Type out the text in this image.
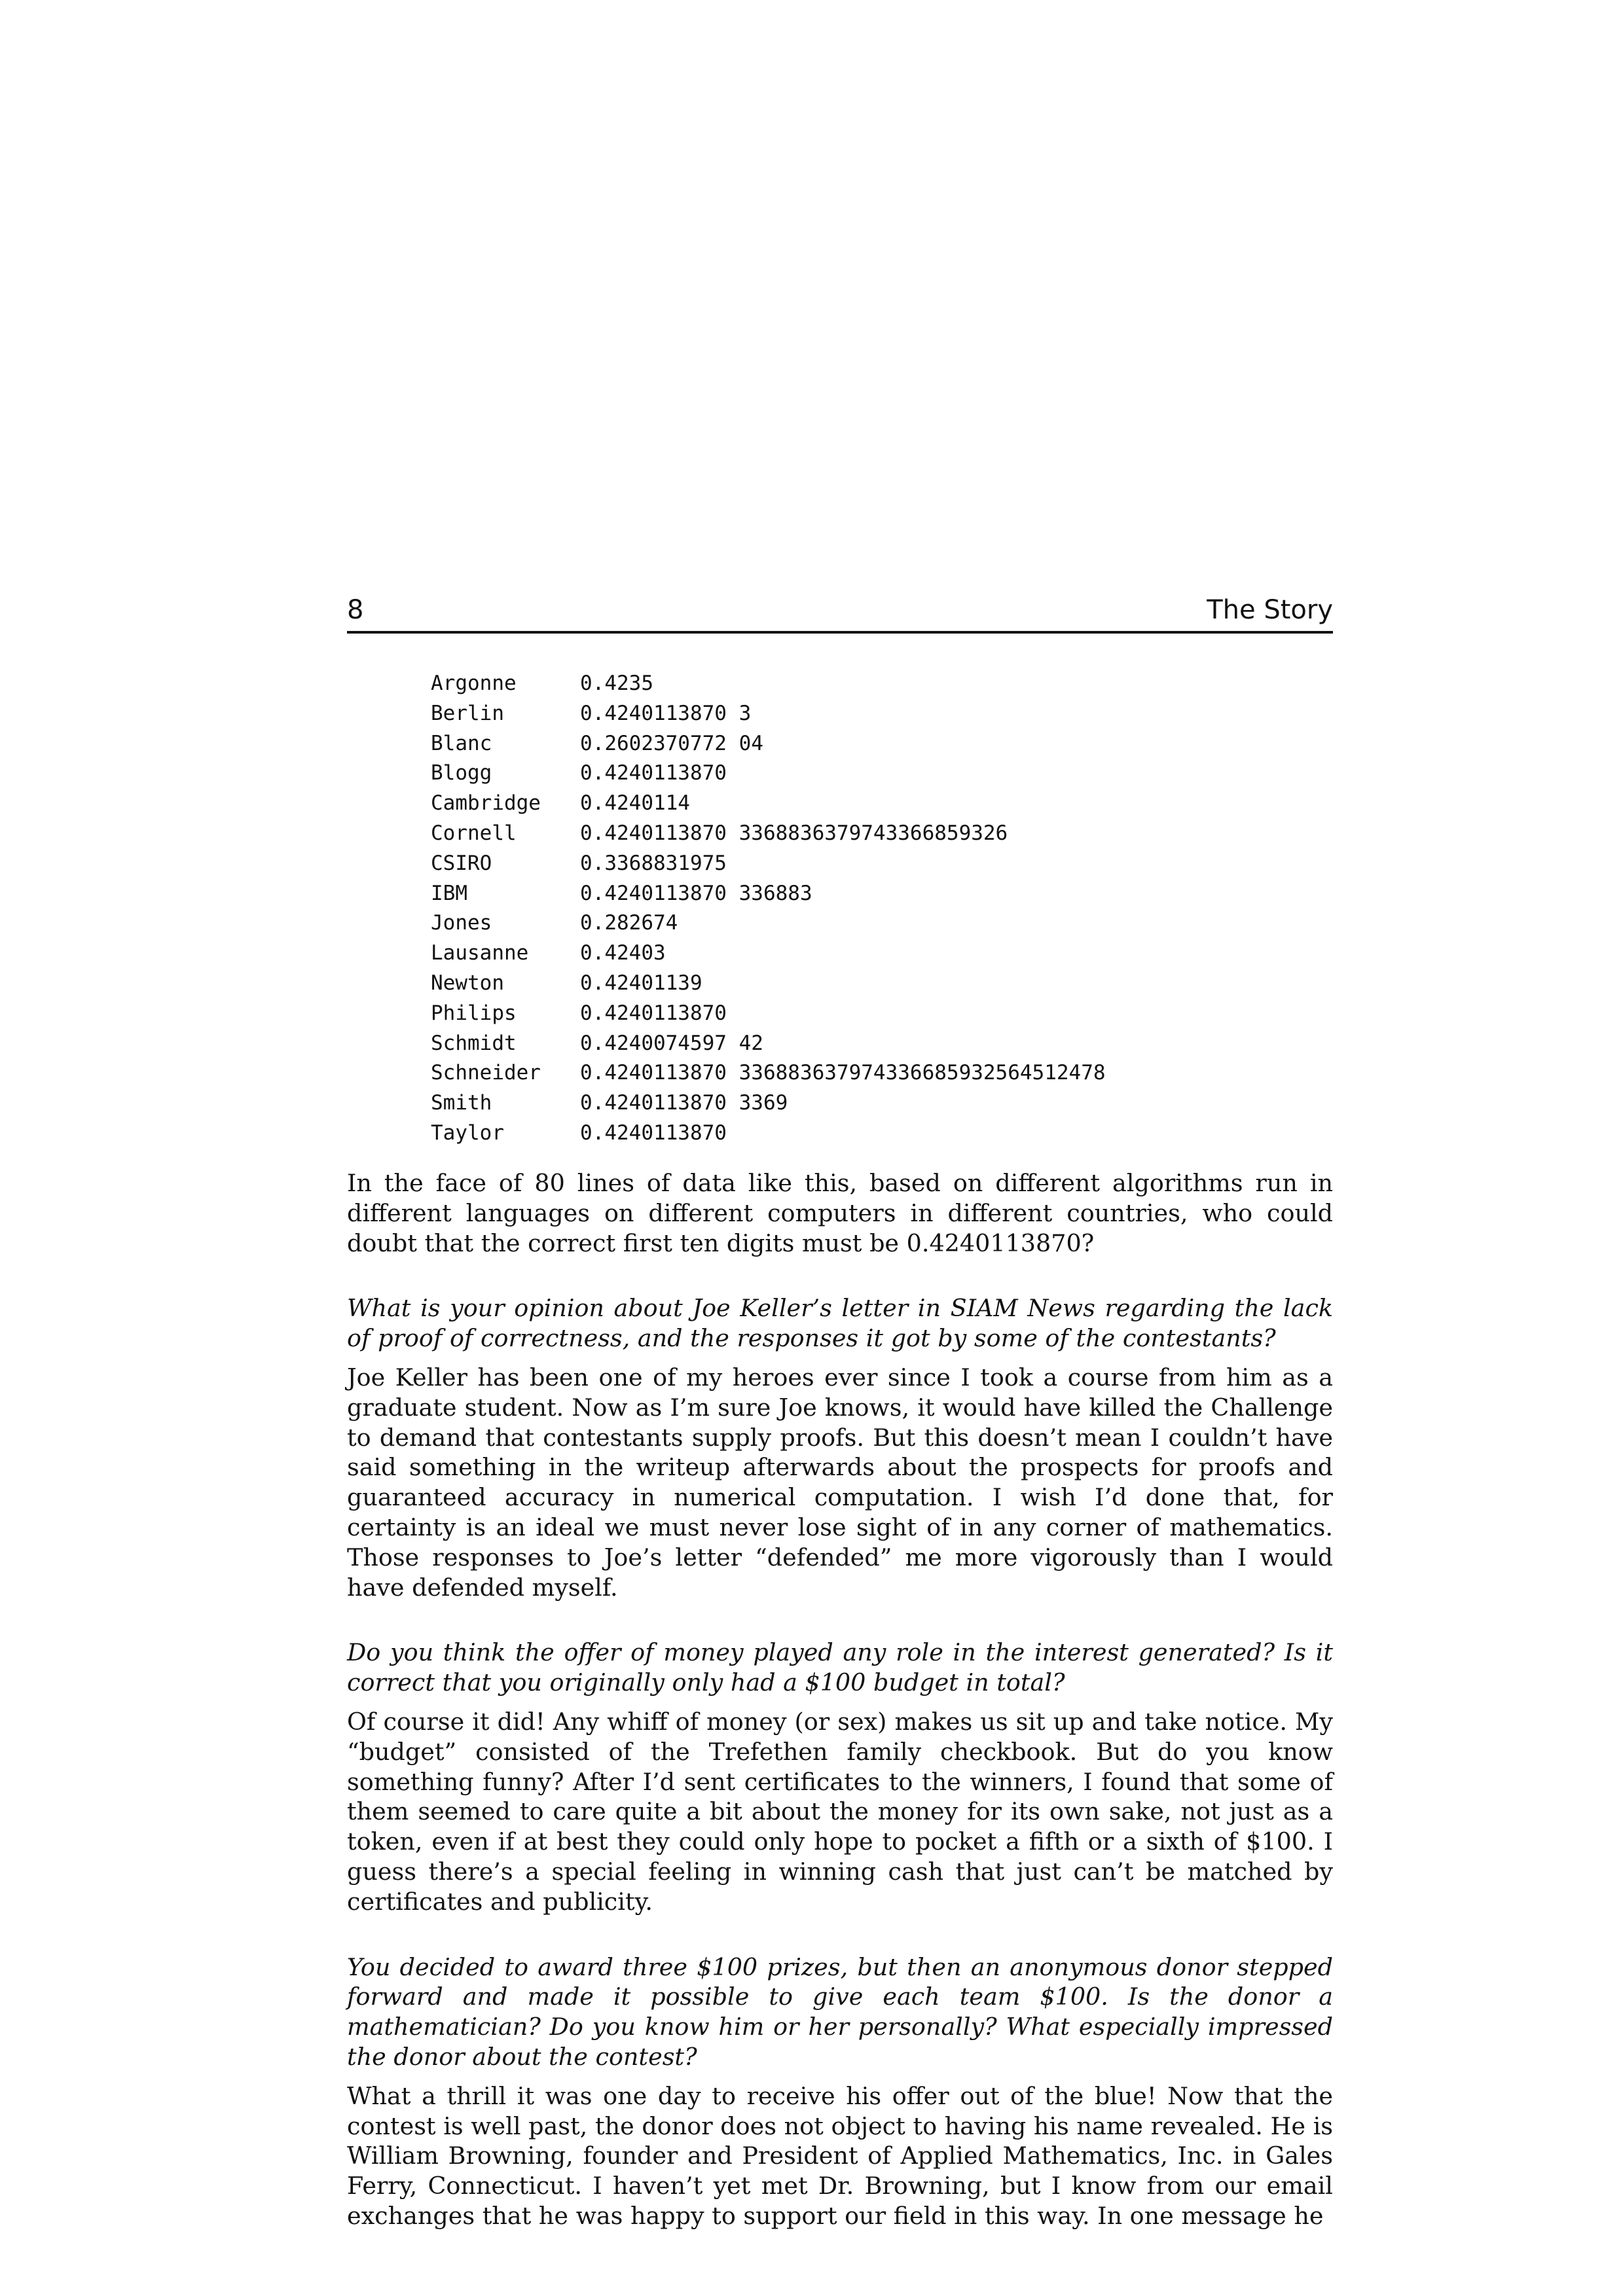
8	The Story
Argonne	0.4235
Berlin	0.4240113870 3
Blanc	0.2602370772 04
Blogg	0.4240113870
Cambridge	0.4240114
Cornell	0.4240113870 3368836379743366859326
CSIRO	0.3368831975
IBM	0.4240113870 336883
Jones	0.282674
Lausanne	0.42403
Newton	0.42401139
Philips	0.4240113870
Schmidt	0.4240074597 42
Schneider	0.4240113870 336883637974336685932564512478
Smith	0.4240113870 3369
Taylor	0.4240113870

In the face of 80 lines of data like this, based on different algorithms run in different languages on different computers in different countries, who could doubt that the correct first ten digits must be 0.4240113870?

What is your opinion about Joe Keller’s letter in SIAM News regarding the lack of proof of correctness, and the responses it got by some of the contestants?

Joe Keller has been one of my heroes ever since I took a course from him as a graduate student. Now as I’m sure Joe knows, it would have killed the Challenge to demand that contestants supply proofs. But this doesn’t mean I couldn’t have said something in the writeup afterwards about the prospects for proofs and guaranteed accuracy in numerical computation. I wish I’d done that, for certainty is an ideal we must never lose sight of in any corner of mathematics. Those responses to Joe’s letter “defended” me more vigorously than I would have defended myself.

Do you think the offer of money played any role in the interest generated? Is it correct that you originally only had a $100 budget in total?

Of course it did! Any whiff of money (or sex) makes us sit up and take notice. My “budget” consisted of the Trefethen family checkbook. But do you know something funny? After I’d sent certificates to the winners, I found that some of them seemed to care quite a bit about the money for its own sake, not just as a token, even if at best they could only hope to pocket a fifth or a sixth of $100. I guess there’s a special feeling in winning cash that just can’t be matched by certificates and publicity.

You decided to award three $100 prizes, but then an anonymous donor stepped forward and made it possible to give each team $100. Is the donor a mathematician? Do you know him or her personally? What especially impressed the donor about the contest?

What a thrill it was one day to receive his offer out of the blue! Now that the contest is well past, the donor does not object to having his name revealed. He is William Browning, founder and President of Applied Mathematics, Inc. in Gales Ferry, Connecticut. I haven’t yet met Dr. Browning, but I know from our email exchanges that he was happy to support our field in this way. In one message he
